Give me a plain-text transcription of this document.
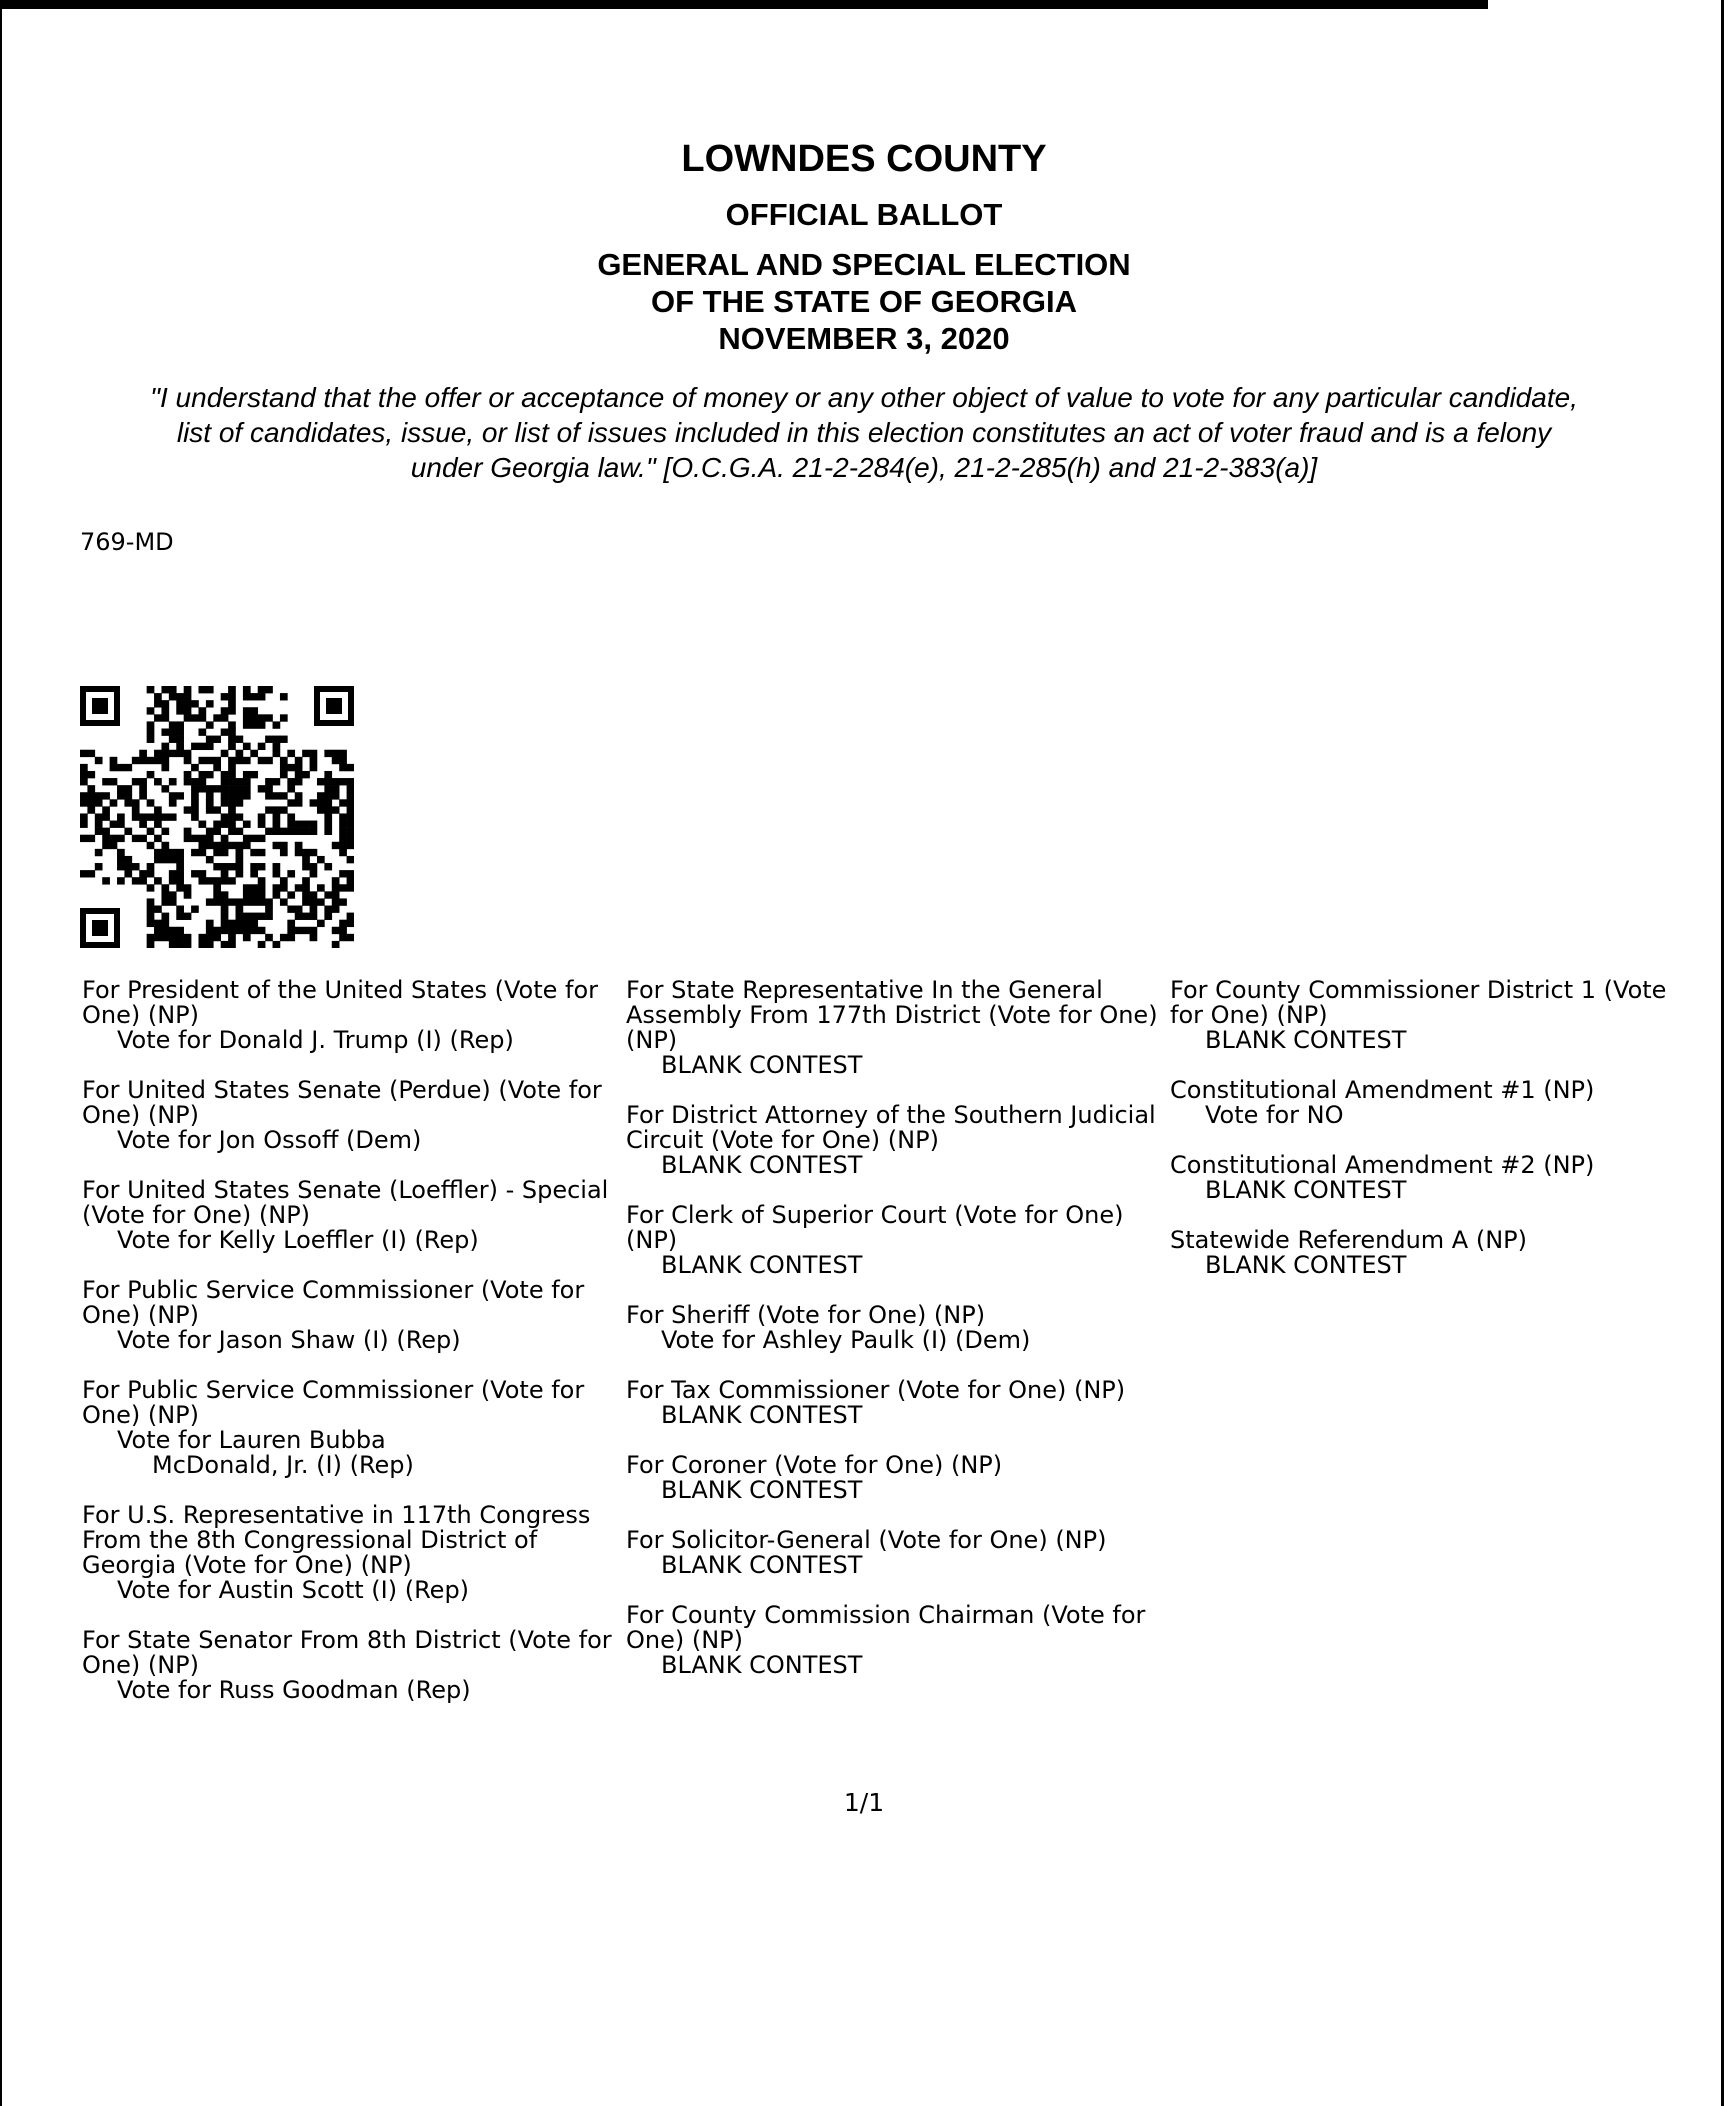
LOWNDES COUNTY
OFFICIAL BALLOT
GENERAL AND SPECIAL ELECTION
OF THE STATE OF GEORGIA
NOVEMBER 3, 2020
"I understand that the offer or acceptance of money or any other object of value to vote for any particular candidate,
list of candidates, issue, or list of issues included in this election constitutes an act of voter fraud and is a felony
under Georgia law." [O.C.G.A. 21-2-284(e), 21-2-285(h) and 21-2-383(a)]
769-MD
For President of the United States (Vote for One) (NP)
Vote for Donald J. Trump (I) (Rep)
For United States Senate (Perdue) (Vote for One) (NP)
Vote for Jon Ossoff (Dem)
For United States Senate (Loeffler) - Special (Vote for One) (NP)
Vote for Kelly Loeffler (I) (Rep)
For Public Service Commissioner (Vote for One) (NP)
Vote for Jason Shaw (I) (Rep)
For Public Service Commissioner (Vote for One) (NP)
Vote for Lauren Bubba
McDonald, Jr. (I) (Rep)
For U.S. Representative in 117th Congress From the 8th Congressional District of Georgia (Vote for One) (NP)
Vote for Austin Scott (I) (Rep)
For State Senator From 8th District (Vote for One) (NP)
Vote for Russ Goodman (Rep)
For State Representative In the General Assembly From 177th District (Vote for One) (NP)
BLANK CONTEST
For District Attorney of the Southern Judicial Circuit (Vote for One) (NP)
BLANK CONTEST
For Clerk of Superior Court (Vote for One) (NP)
BLANK CONTEST
For Sheriff (Vote for One) (NP)
Vote for Ashley Paulk (I) (Dem)
For Tax Commissioner (Vote for One) (NP)
BLANK CONTEST
For Coroner (Vote for One) (NP)
BLANK CONTEST
For Solicitor-General (Vote for One) (NP)
BLANK CONTEST
For County Commission Chairman (Vote for One) (NP)
BLANK CONTEST
For County Commissioner District 1 (Vote for One) (NP)
BLANK CONTEST
Constitutional Amendment #1 (NP)
Vote for NO
Constitutional Amendment #2 (NP)
BLANK CONTEST
Statewide Referendum A (NP)
BLANK CONTEST
1/1
